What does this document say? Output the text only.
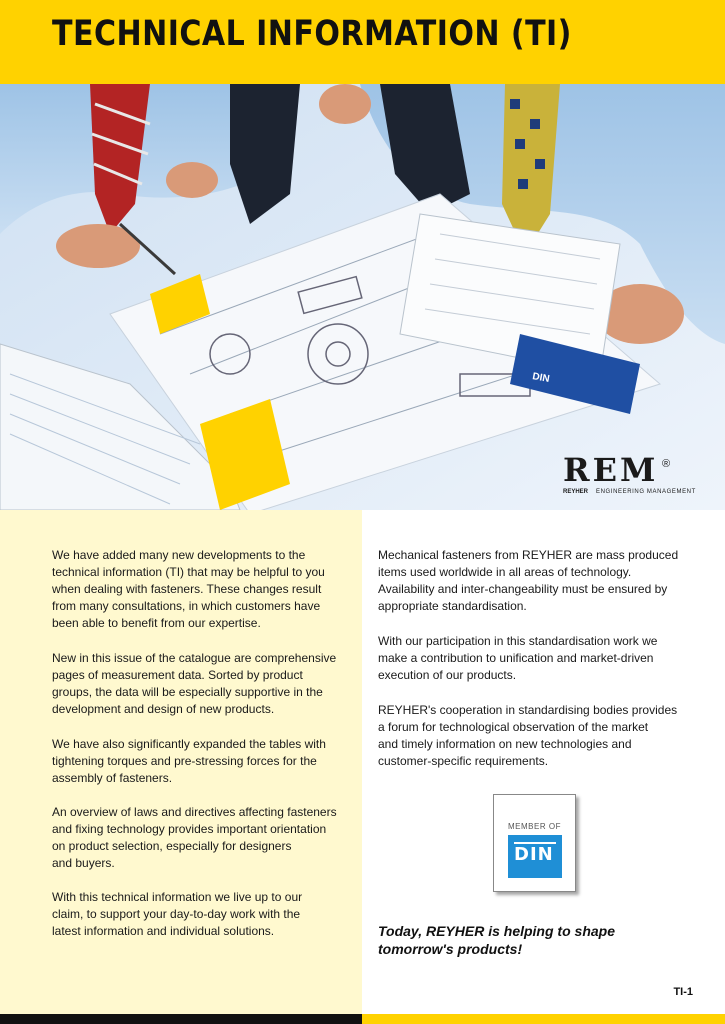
TECHNICAL INFORMATION (TI)
DIN
REM ®
REYHER ENGINEERING MANAGEMENT

We have added many new developments to the
technical information (TI) that may be helpful to you
when dealing with fasteners. These changes result
from many consultations, in which customers have
been able to benefit from our expertise.

New in this issue of the catalogue are comprehensive
pages of measurement data. Sorted by product
groups, the data will be especially supportive in the
development and design of new products.

We have also significantly expanded the tables with
tightening torques and pre-stressing forces for the
assembly of fasteners.

An overview of laws and directives affecting fasteners
and fixing technology provides important orientation
on product selection, especially for designers
and buyers.

With this technical information we live up to our
claim, to support your day-to-day work with the
latest information and individual solutions.

Mechanical fasteners from REYHER are mass produced
items used worldwide in all areas of technology.
Availability and inter-changeability must be ensured by
appropriate standardisation.

With our participation in this standardisation work we
make a contribution to unification and market-driven
execution of our products.

REYHER's cooperation in standardising bodies provides
a forum for technological observation of the market
and timely information on new technologies and
customer-specific requirements.

MEMBER OF
DIN
Today, REYHER is helping to shape
tomorrow's products!
TI-1
